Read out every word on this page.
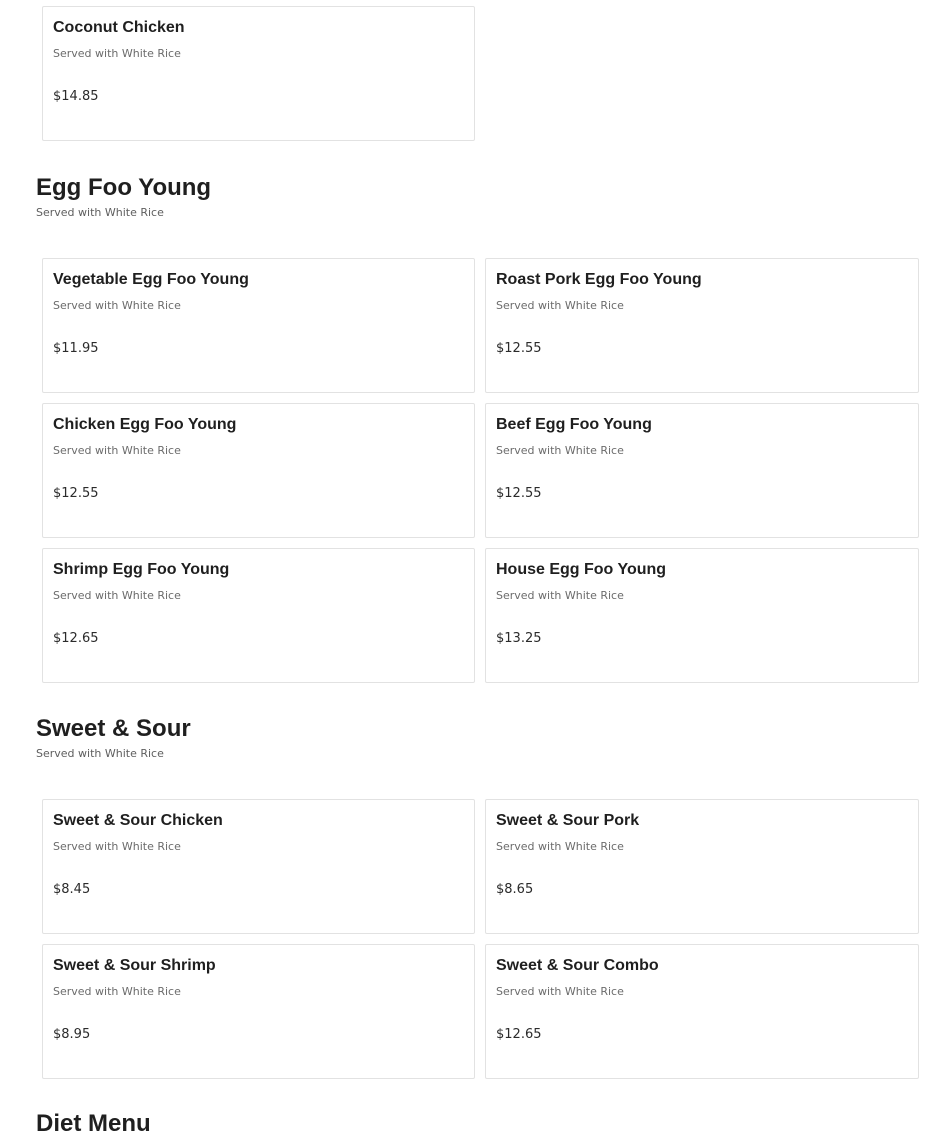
Coconut Chicken
Served with White Rice
$14.85
Egg Foo Young
Served with White Rice
Vegetable Egg Foo Young
Served with White Rice
$11.95
Roast Pork Egg Foo Young
Served with White Rice
$12.55
Chicken Egg Foo Young
Served with White Rice
$12.55
Beef Egg Foo Young
Served with White Rice
$12.55
Shrimp Egg Foo Young
Served with White Rice
$12.65
House Egg Foo Young
Served with White Rice
$13.25
Sweet & Sour
Served with White Rice
Sweet & Sour Chicken
Served with White Rice
$8.45
Sweet & Sour Pork
Served with White Rice
$8.65
Sweet & Sour Shrimp
Served with White Rice
$8.95
Sweet & Sour Combo
Served with White Rice
$12.65
Diet Menu
